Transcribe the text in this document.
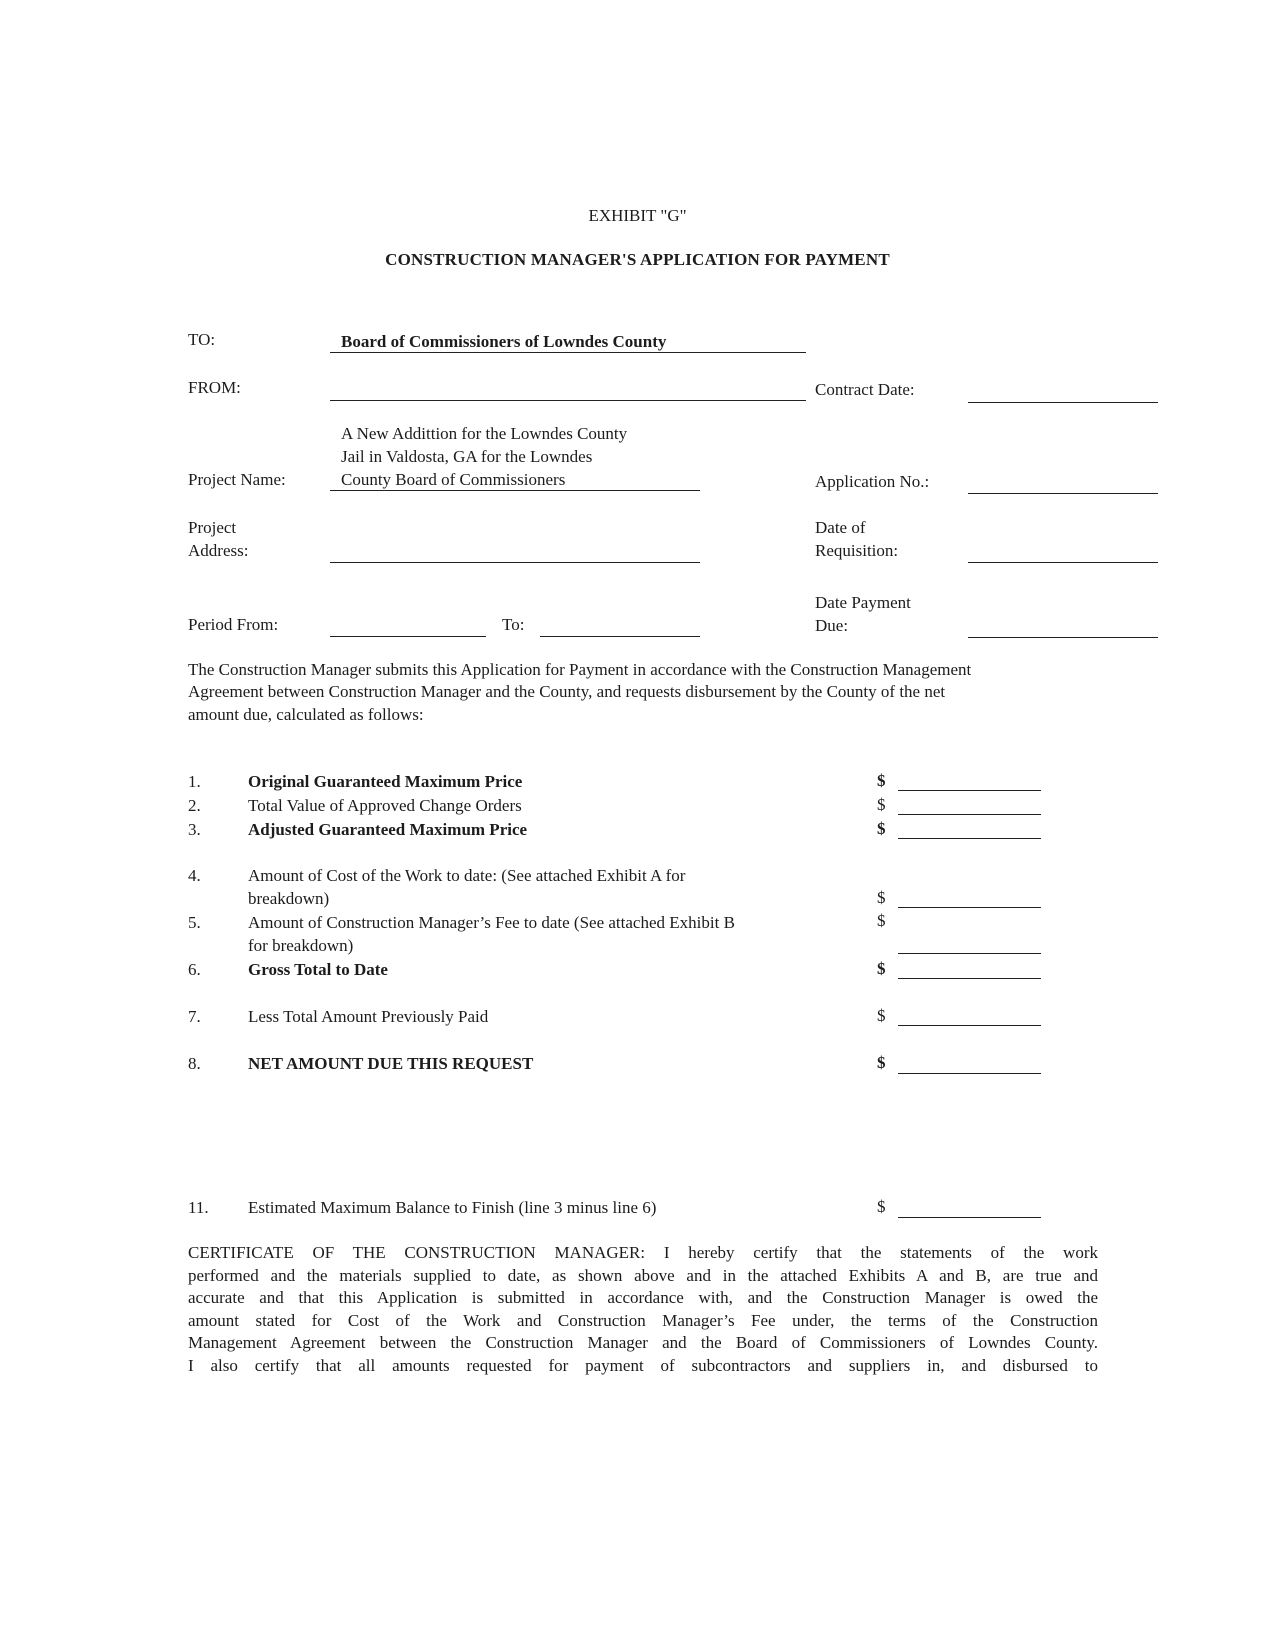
EXHIBIT "G"
CONSTRUCTION MANAGER'S APPLICATION FOR PAYMENT
TO:	Board of Commissioners of Lowndes County
FROM:	Contract Date:
A New Addittion for the Lowndes County
Jail in Valdosta, GA for the Lowndes
Project Name:	County Board of Commissioners	Application No.:
Project
Address:
Date of
Requisition:
Period From:	To:
Date Payment
Due:
The Construction Manager submits this Application for Payment in accordance with the Construction Management
Agreement between Construction Manager and the County, and requests disbursement by the County of the net
amount due, calculated as follows:
1.	Original Guaranteed Maximum Price	$
2.	Total Value of Approved Change Orders	$
3.	Adjusted Guaranteed Maximum Price	$
4.	Amount of Cost of the Work to date: (See attached Exhibit A for
breakdown)	$
5.	Amount of Construction Manager’s Fee to date (See attached Exhibit B
for breakdown)
$
6.	Gross Total to Date	$
7.	Less Total Amount Previously Paid	$
8.	NET AMOUNT DUE THIS REQUEST	$
11. Estimated Maximum Balance to Finish (line 3 minus line 6)	$
CERTIFICATE OF THE CONSTRUCTION MANAGER: I hereby certify that the statements of the work
performed and the materials supplied to date, as shown above and in the attached Exhibits A and B, are true and
accurate and that this Application is submitted in accordance with, and the Construction Manager is owed the
amount stated for Cost of the Work and Construction Manager’s Fee under, the terms of the Construction
Management Agreement between the Construction Manager and the Board of Commissioners of Lowndes County.
I also certify that all amounts requested for payment of subcontractors and suppliers in, and disbursed to
